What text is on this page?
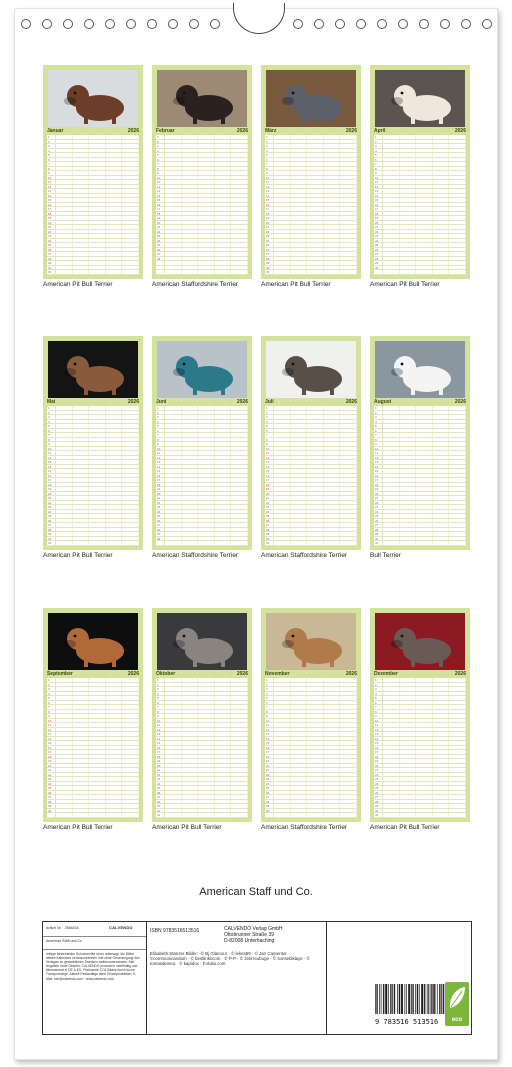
Januar	2026
1
2
3
4
5
6
7
8
9
10
11
12
13
14
15
16
17
18
19
20
21
22
23
24
25
26
27
28
29
30
31
American Pit Bull Terrier
Februar	2026
1
2
3
4
5
6
7
8
9
10
11
12
13
14
15
16
17
18
19
20
21
22
23
24
25
26
27
28
American Staffordshire Terrier
März	2026
1
2
3
4
5
6
7
8
9
10
11
12
13
14
15
16
17
18
19
20
21
22
23
24
25
26
27
28
29
30
31
American Pit Bull Terrier
April	2026
1
2
3
4
5
6
7
8
9
10
11
12
13
14
15
16
17
18
19
20
21
22
23
24
25
26
27
28
29
30
American Pit Bull Terrier
Mai	2026
1
2
3
4
5
6
7
8
9
10
11
12
13
14
15
16
17
18
19
20
21
22
23
24
25
26
27
28
29
30
31
American Pit Bull Terrier
Juni	2026
1
2
3
4
5
6
7
8
9
10
11
12
13
14
15
16
17
18
19
20
21
22
23
24
25
26
27
28
29
30
American Staffordshire Terrier
Juli	2026
1
2
3
4
5
6
7
8
9
10
11
12
13
14
15
16
17
18
19
20
21
22
23
24
25
26
27
28
29
30
31
American Staffordshire Terrier
August	2026
1
2
3
4
5
6
7
8
9
10
11
12
13
14
15
16
17
18
19
20
21
22
23
24
25
26
27
28
29
30
31
Bull Terrier
September	2026
1
2
3
4
5
6
7
8
9
10
11
12
13
14
15
16
17
18
19
20
21
22
23
24
25
26
27
28
29
30
American Pit Bull Terrier
Oktober	2026
1
2
3
4
5
6
7
8
9
10
11
12
13
14
15
16
17
18
19
20
21
22
23
24
25
26
27
28
29
30
31
American Pit Bull Terrier
November	2026
1
2
3
4
5
6
7
8
9
10
11
12
13
14
15
16
17
18
19
20
21
22
23
24
25
26
27
28
29
30
American Staffordshire Terrier
Dezember	2026
1
2
3
4
5
6
7
8
9
10
11
12
13
14
15
16
17
18
19
20
21
22
23
24
25
26
27
28
29
30
31
American Pit Bull Terrier
American Staff und Co.
Artikel Nr. 2584434	CALVENDO
American Staff und Co
Infolge bestehender Schutzrechte ist es untersagt, die Bilder dieses Kalenders herauszutrennen und ohne Genehmigung des Verlages zu gewerblichen Zwecken weiterzuverwenden. Alle Angaben ohne Gewähr. CALVENDO produziert nachhaltig und klimaneutral in DE & EU. Preiswerte CO2-Bilanz durch kurze Transportwege. Aktuell Restauflage dann Einzelproduktion. E-Mail: info@calvendo.com · www.calvendo.com
ISBN 9783516513516	CALVENDO Verlag GmbH
Ottobrunner Straße 39
D-82008 Unterhaching
Elisabeth Stanzer Bilder: ·© Bj Glamour · © lekes59 · © Jan Carpenter · ©communicandum · © bestlinkscom · © P-P · © zebrreubuge · © sonsebiklaye · © tomasdevera · © kapidox · Fotolia.com
9 783516 513516	eco
